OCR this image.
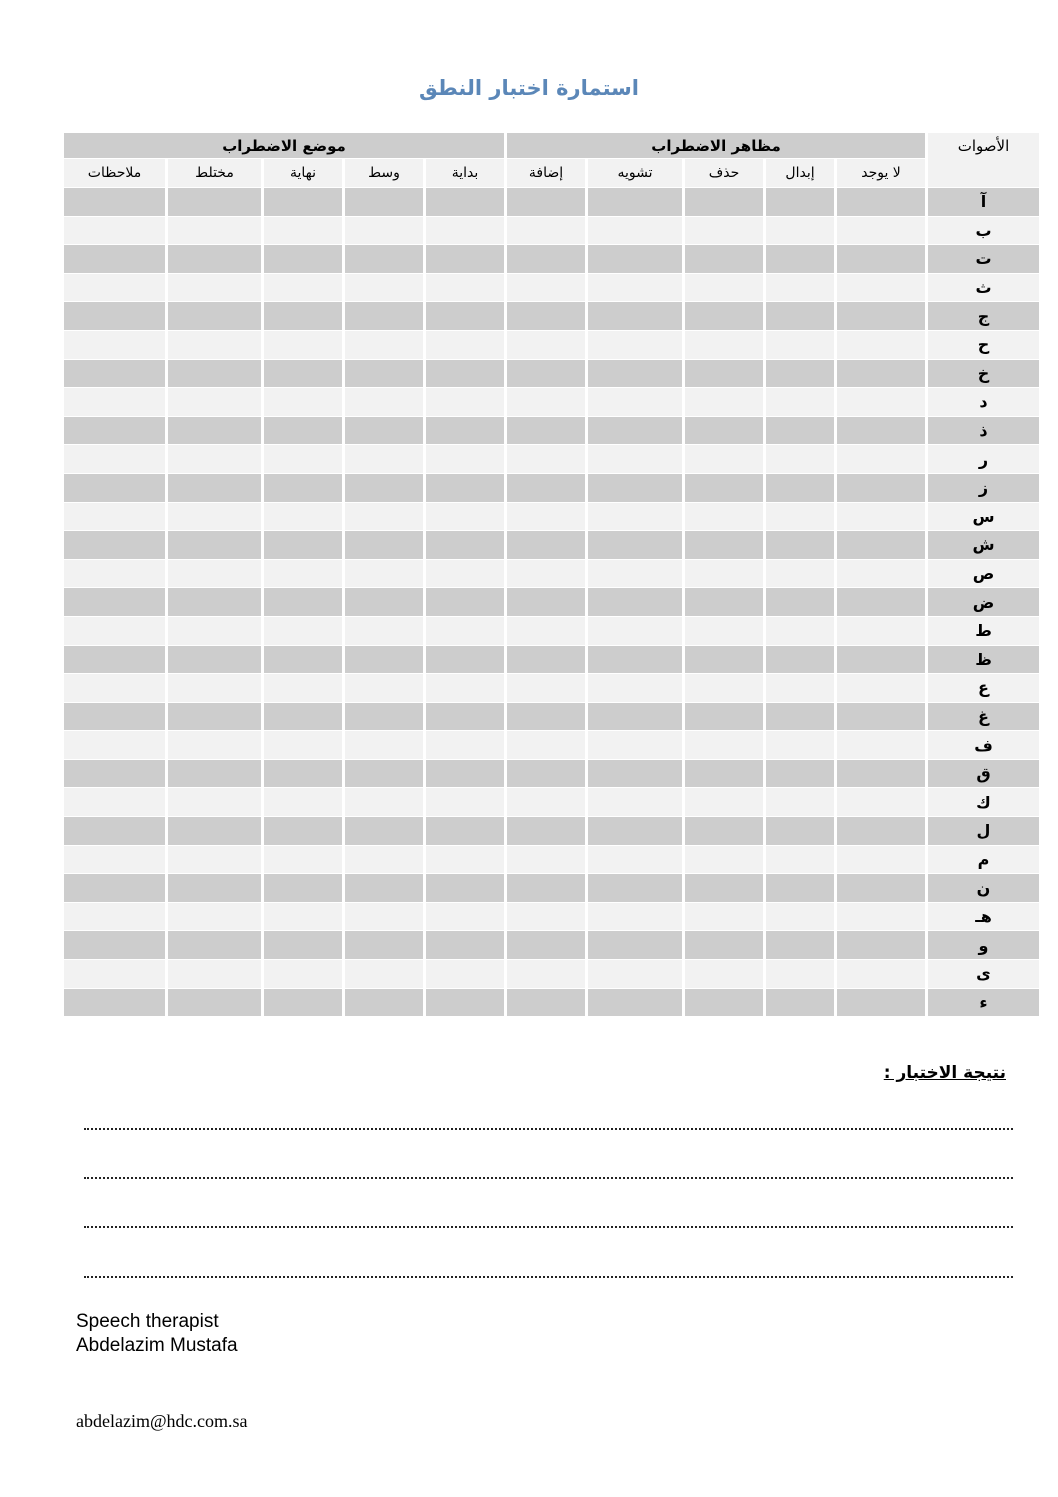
استمارة اختبار النطق
موضع الاضطراب	مظاهر الاضطراب	الأصوات
ملاحظات	مختلط	نهاية	وسط	بداية	إضافة	تشويه	حذف	إبدال	لا يوجد
آ
ب
ت
ث
ج
ح
خ
د
ذ
ر
ز
س
ش
ص
ض
ط
ظ
ع
غ
ف
ق
ك
ل
م
ن
هـ
و
ى
ء
نتيجة الاختبار :
Speech therapist
Abdelazim Mustafa
abdelazim@hdc.com.sa
